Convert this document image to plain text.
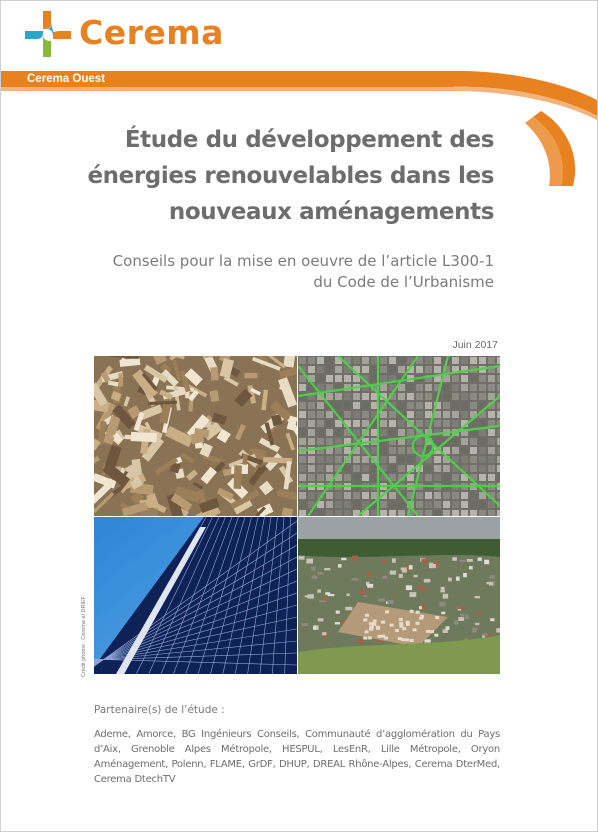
Cerema
Cerema Ouest
Étude du développement des
énergies renouvelables dans les
nouveaux aménagements
Conseils pour la mise en oeuvre de l’article L300-1
du Code de l’Urbanisme
Juin 2017
Crédit photos : Cerema et DRIEF
Partenaire(s) de l’étude :
Ademe, Amorce, BG Ingénieurs Conseils, Communauté d’agglomération du Pays d’Aix, Grenoble Alpes Métropole, HESPUL, LesEnR, Lille Métropole, Oryon Aménagement, Polenn, FLAME, GrDF, DHUP, DREAL Rhône-Alpes, Cerema DterMed, Cerema DtechTV
